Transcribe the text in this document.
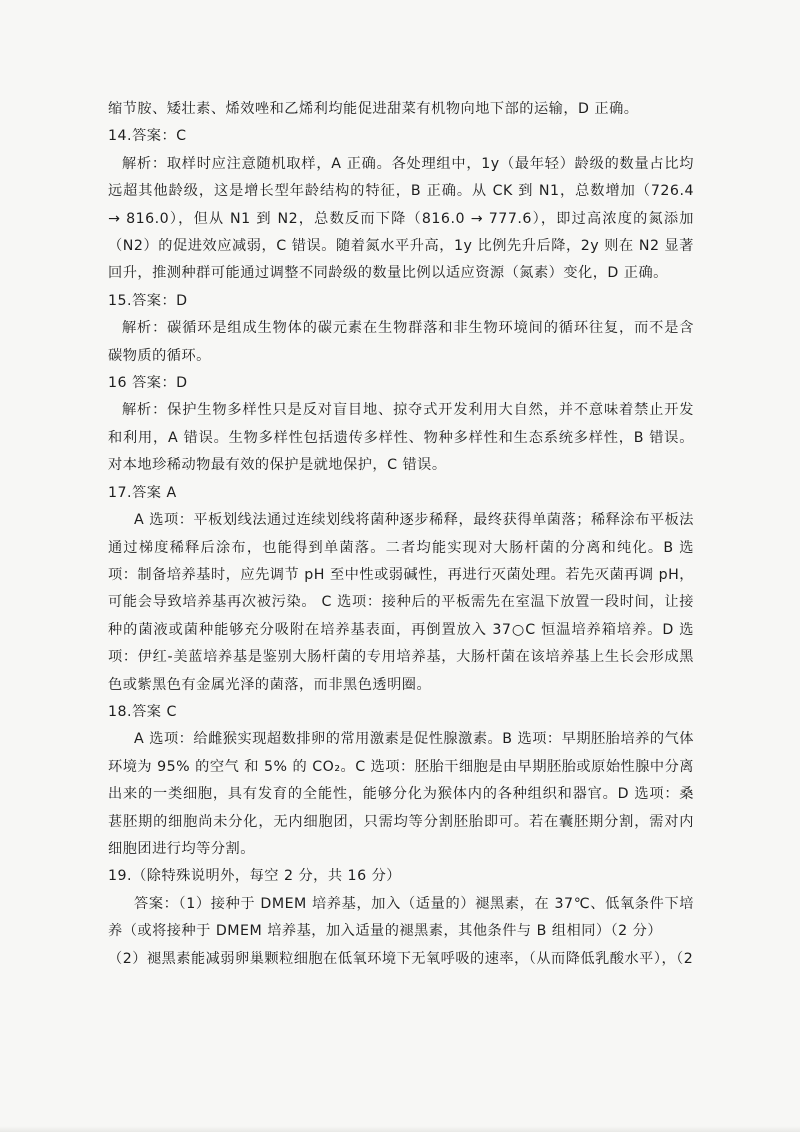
缩节胺、矮壮素、烯效唑和乙烯利均能促进甜菜有机物向地下部的运输，D 正确。

14.答案：C

解析：取样时应注意随机取样，A 正确。各处理组中，1y（最年轻）龄级的数量占比均远超其他龄级，这是增长型年龄结构的特征，B 正确。从 CK 到 N1，总数增加（726.4 → 816.0），但从 N1 到 N2，总数反而下降（816.0 → 777.6），即过高浓度的氮添加（N2）的促进效应减弱，C 错误。随着氮水平升高，1y 比例先升后降，2y 则在 N2 显著回升，推测种群可能通过调整不同龄级的数量比例以适应资源（氮素）变化，D 正确。

15.答案：D

解析：碳循环是组成生物体的碳元素在生物群落和非生物环境间的循环往复，而不是含碳物质的循环。

16 答案：D

解析：保护生物多样性只是反对盲目地、掠夺式开发利用大自然，并不意味着禁止开发和利用，A 错误。生物多样性包括遗传多样性、物种多样性和生态系统多样性，B 错误。对本地珍稀动物最有效的保护是就地保护，C 错误。

17.答案 A

A 选项：平板划线法通过连续划线将菌种逐步稀释，最终获得单菌落；稀释涂布平板法通过梯度稀释后涂布，也能得到单菌落。二者均能实现对大肠杆菌的分离和纯化。B 选项：制备培养基时，应先调节 pH 至中性或弱碱性，再进行灭菌处理。若先灭菌再调 pH，可能会导致培养基再次被污染。 C 选项：接种后的平板需先在室温下放置一段时间，让接种的菌液或菌种能够充分吸附在培养基表面，再倒置放入 37○C 恒温培养箱培养。D 选项：伊红-美蓝培养基是鉴别大肠杆菌的专用培养基，大肠杆菌在该培养基上生长会形成黑色或紫黑色有金属光泽的菌落，而非黑色透明圈。

18.答案 C

A 选项：给雌猴实现超数排卵的常用激素是促性腺激素。B 选项：早期胚胎培养的气体环境为 95% 的空气 和 5% 的 CO₂。C 选项：胚胎干细胞是由早期胚胎或原始性腺中分离出来的一类细胞，具有发育的全能性，能够分化为猴体内的各种组织和器官。D 选项：桑葚胚期的细胞尚未分化，无内细胞团，只需均等分割胚胎即可。若在囊胚期分割，需对内细胞团进行均等分割。

19.（除特殊说明外，每空 2 分，共 16 分）

答案：（1）接种于 DMEM 培养基，加入（适量的）褪黑素，在 37℃、低氧条件下培养（或将接种于 DMEM 培养基，加入适量的褪黑素，其他条件与 B 组相同）（2 分）

（2）褪黑素能减弱卵巢颗粒细胞在低氧环境下无氧呼吸的速率，（从而降低乳酸水平），（2
